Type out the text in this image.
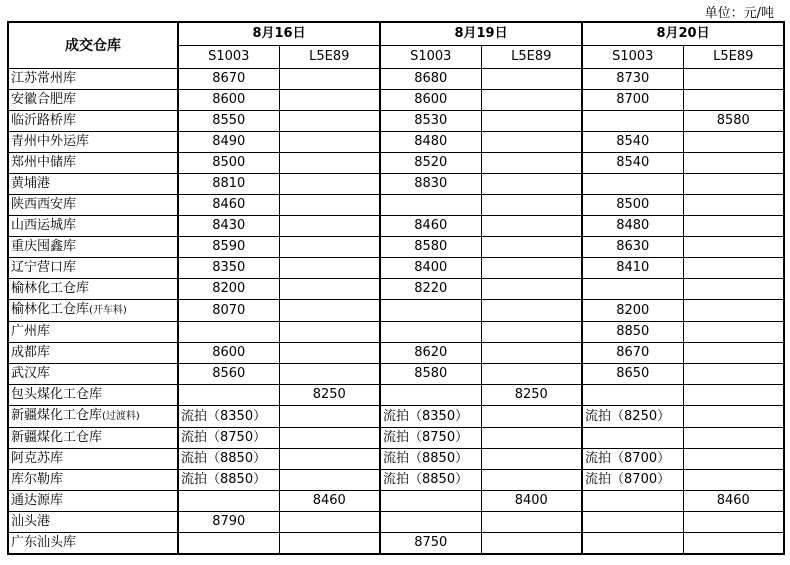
单位：元/吨
成交仓库	8月16日		8月19日		8月20日	
	S1003	L5E89	S1003	L5E89	S1003	L5E89
江苏常州库	8670		8680		8730	
安徽合肥库	8600		8600		8700	
临沂路桥库	8550		8530			8580
青州中外运库	8490		8480		8540	
郑州中储库	8500		8520		8540	
黄埔港	8810		8830			
陕西西安库	8460				8500	
山西运城库	8430		8460		8480	
重庆囤鑫库	8590		8580		8630	
辽宁营口库	8350		8400		8410	
榆林化工仓库	8200		8220			
榆林化工仓库(开车料)	8070				8200	
广州库					8850	
成都库	8600		8620		8670	
武汉库	8560		8580		8650	
包头煤化工仓库		8250		8250		
新疆煤化工仓库(过渡料)	流拍（8350）		流拍（8350）		流拍（8250）	
新疆煤化工仓库	流拍（8750）		流拍（8750）			
阿克苏库	流拍（8850）		流拍（8850）		流拍（8700）	
库尔勒库	流拍（8850）		流拍（8850）		流拍（8700）	
通达源库		8460		8400		8460
汕头港	8790					
广东汕头库			8750			
